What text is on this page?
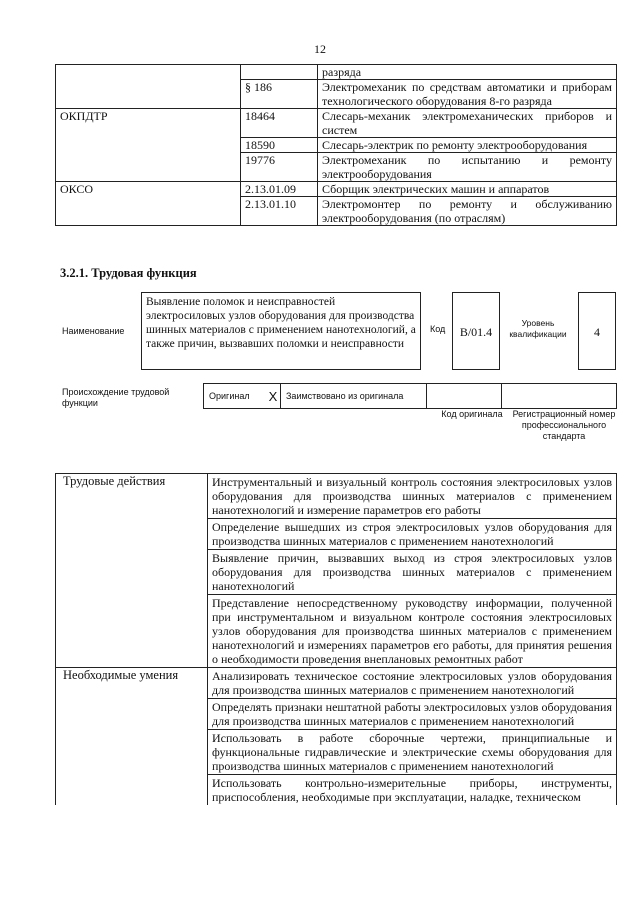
12
		разряда
	§ 186	Электромеханик по средствам автоматики и приборам технологического оборудования 8-го разряда
ОКПДТР	18464	Слесарь-механик электромеханических приборов и систем
	18590	Слесарь-электрик по ремонту электрооборудования
	19776	Электромеханик по испытанию и ремонту электрооборудования
ОКСО	2.13.01.09	Сборщик электрических машин и аппаратов
	2.13.01.10	Электромонтер по ремонту и обслуживанию электрооборудования (по отраслям)
3.2.1. Трудовая функция
Наименование
Выявление поломок и неисправностей электросиловых узлов оборудования для производства шинных материалов с применением нанотехнологий, а также причин, вызвавших поломки и неисправности
Код	B/01.4
Уровень квалификации	4
Происхождение трудовой функции
Оригинал	X	Заимствовано из оригинала		
Код оригинала Регистрационный номер профессионального стандарта
Трудовые действия	Инструментальный и визуальный контроль состояния электросиловых узлов оборудования для производства шинных материалов с применением нанотехнологий и измерение параметров его работы
	Определение вышедших из строя электросиловых узлов оборудования для производства шинных материалов с применением нанотехнологий
	Выявление причин, вызвавших выход из строя электросиловых узлов оборудования для производства шинных материалов с применением нанотехнологий
	Представление непосредственному руководству информации, полученной при инструментальном и визуальном контроле состояния электросиловых узлов оборудования для производства шинных материалов с применением нанотехнологий и измерениях параметров его работы, для принятия решения о необходимости проведения внеплановых ремонтных работ
Необходимые умения	Анализировать техническое состояние электросиловых узлов оборудования для производства шинных материалов с применением нанотехнологий
	Определять признаки нештатной работы электросиловых узлов оборудования для производства шинных материалов с применением нанотехнологий
	Использовать в работе сборочные чертежи, принципиальные и функциональные гидравлические и электрические схемы оборудования для производства шинных материалов с применением нанотехнологий
	Использовать контрольно-измерительные приборы, инструменты, приспособления, необходимые при эксплуатации, наладке, техническом
